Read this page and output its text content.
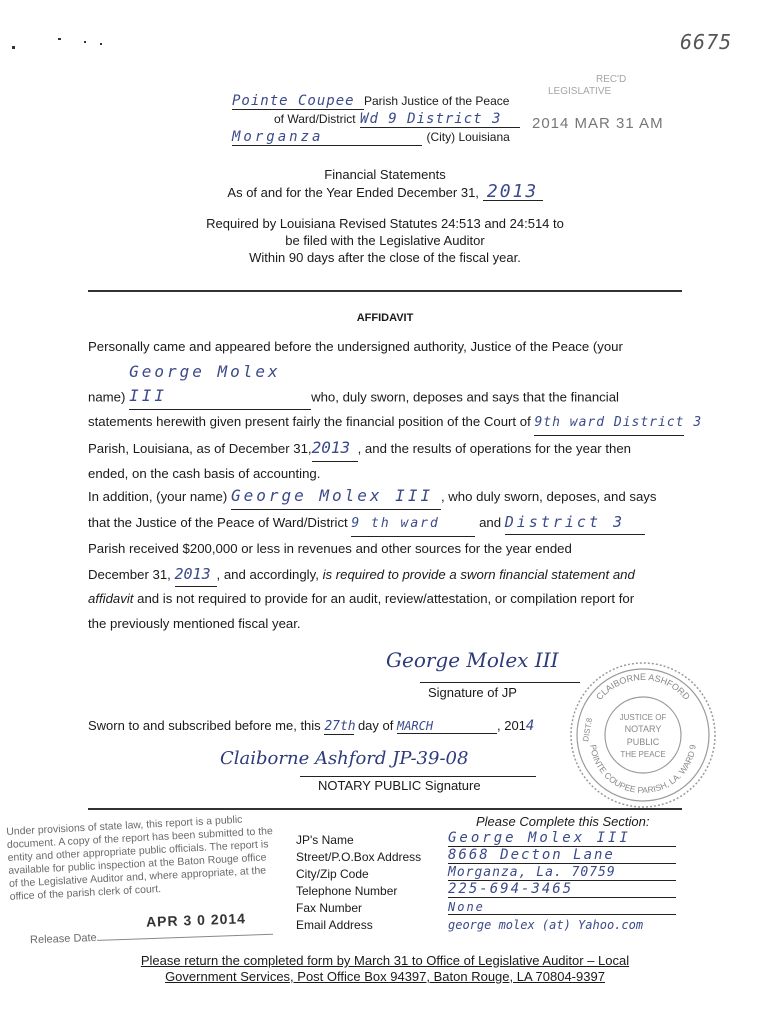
6675
REC'D
LEGISLATIVE
2014 MAR 31 AM
Pointe Coupee Parish Justice of the Peace
of Ward/District Wd 9 District 3
Morganza	(City) Louisiana
Financial Statements
As of and for the Year Ended December 31, 2013
Required by Louisiana Revised Statutes 24:513 and 24:514 to
be filed with the Legislative Auditor
Within 90 days after the close of the fiscal year.
AFFIDAVIT
Personally came and appeared before the undersigned authority, Justice of the Peace (your
name) George Molex III	who, duly sworn, deposes and says that the financial
statements herewith given present fairly the financial position of the Court of 9th ward District 3
Parish, Louisiana, as of December 31,2013 , and the results of operations for the year then
ended, on the cash basis of accounting.
In addition, (your name) George Molex III , who duly sworn, deposes, and says
that the Justice of the Peace of Ward/District 9 th ward	and District 3
Parish received $200,000 or less in revenues and other sources for the year ended
December 31, 2013 , and accordingly, is required to provide a sworn financial statement and
affidavit and is not required to provide for an audit, review/attestation, or compilation report for
the previously mentioned fiscal year.
George Molex III
Signature of JP
Sworn to and subscribed before me, this 27th day of MARCH	, 2014
Claiborne Ashford JP-39-08
NOTARY PUBLIC Signature
CLAIBORNE ASHFORD
POINTE COUPEE PARISH, LA. WARD 9
DIST.8	JUSTICE OF
NOTARY
PUBLIC
THE PEACE
Under provisions of state law, this report is a public document. A copy of the report has been submitted to the entity and other appropriate public officials. The report is available for public inspection at the Baton Rouge office of the Legislative Auditor and, where appropriate, at the office of the parish clerk of court.
APR 3 0 2014
Release Date
Please Complete this Section:
JP's Name	George Molex III
Street/P.O.Box Address	8668 Decton Lane
City/Zip Code	Morganza, La. 70759
Telephone Number	225-694-3465
Fax Number	None
Email Address	george molex (at) Yahoo.com
Please return the completed form by March 31 to Office of Legislative Auditor – Local
Government Services, Post Office Box 94397, Baton Rouge, LA 70804-9397
